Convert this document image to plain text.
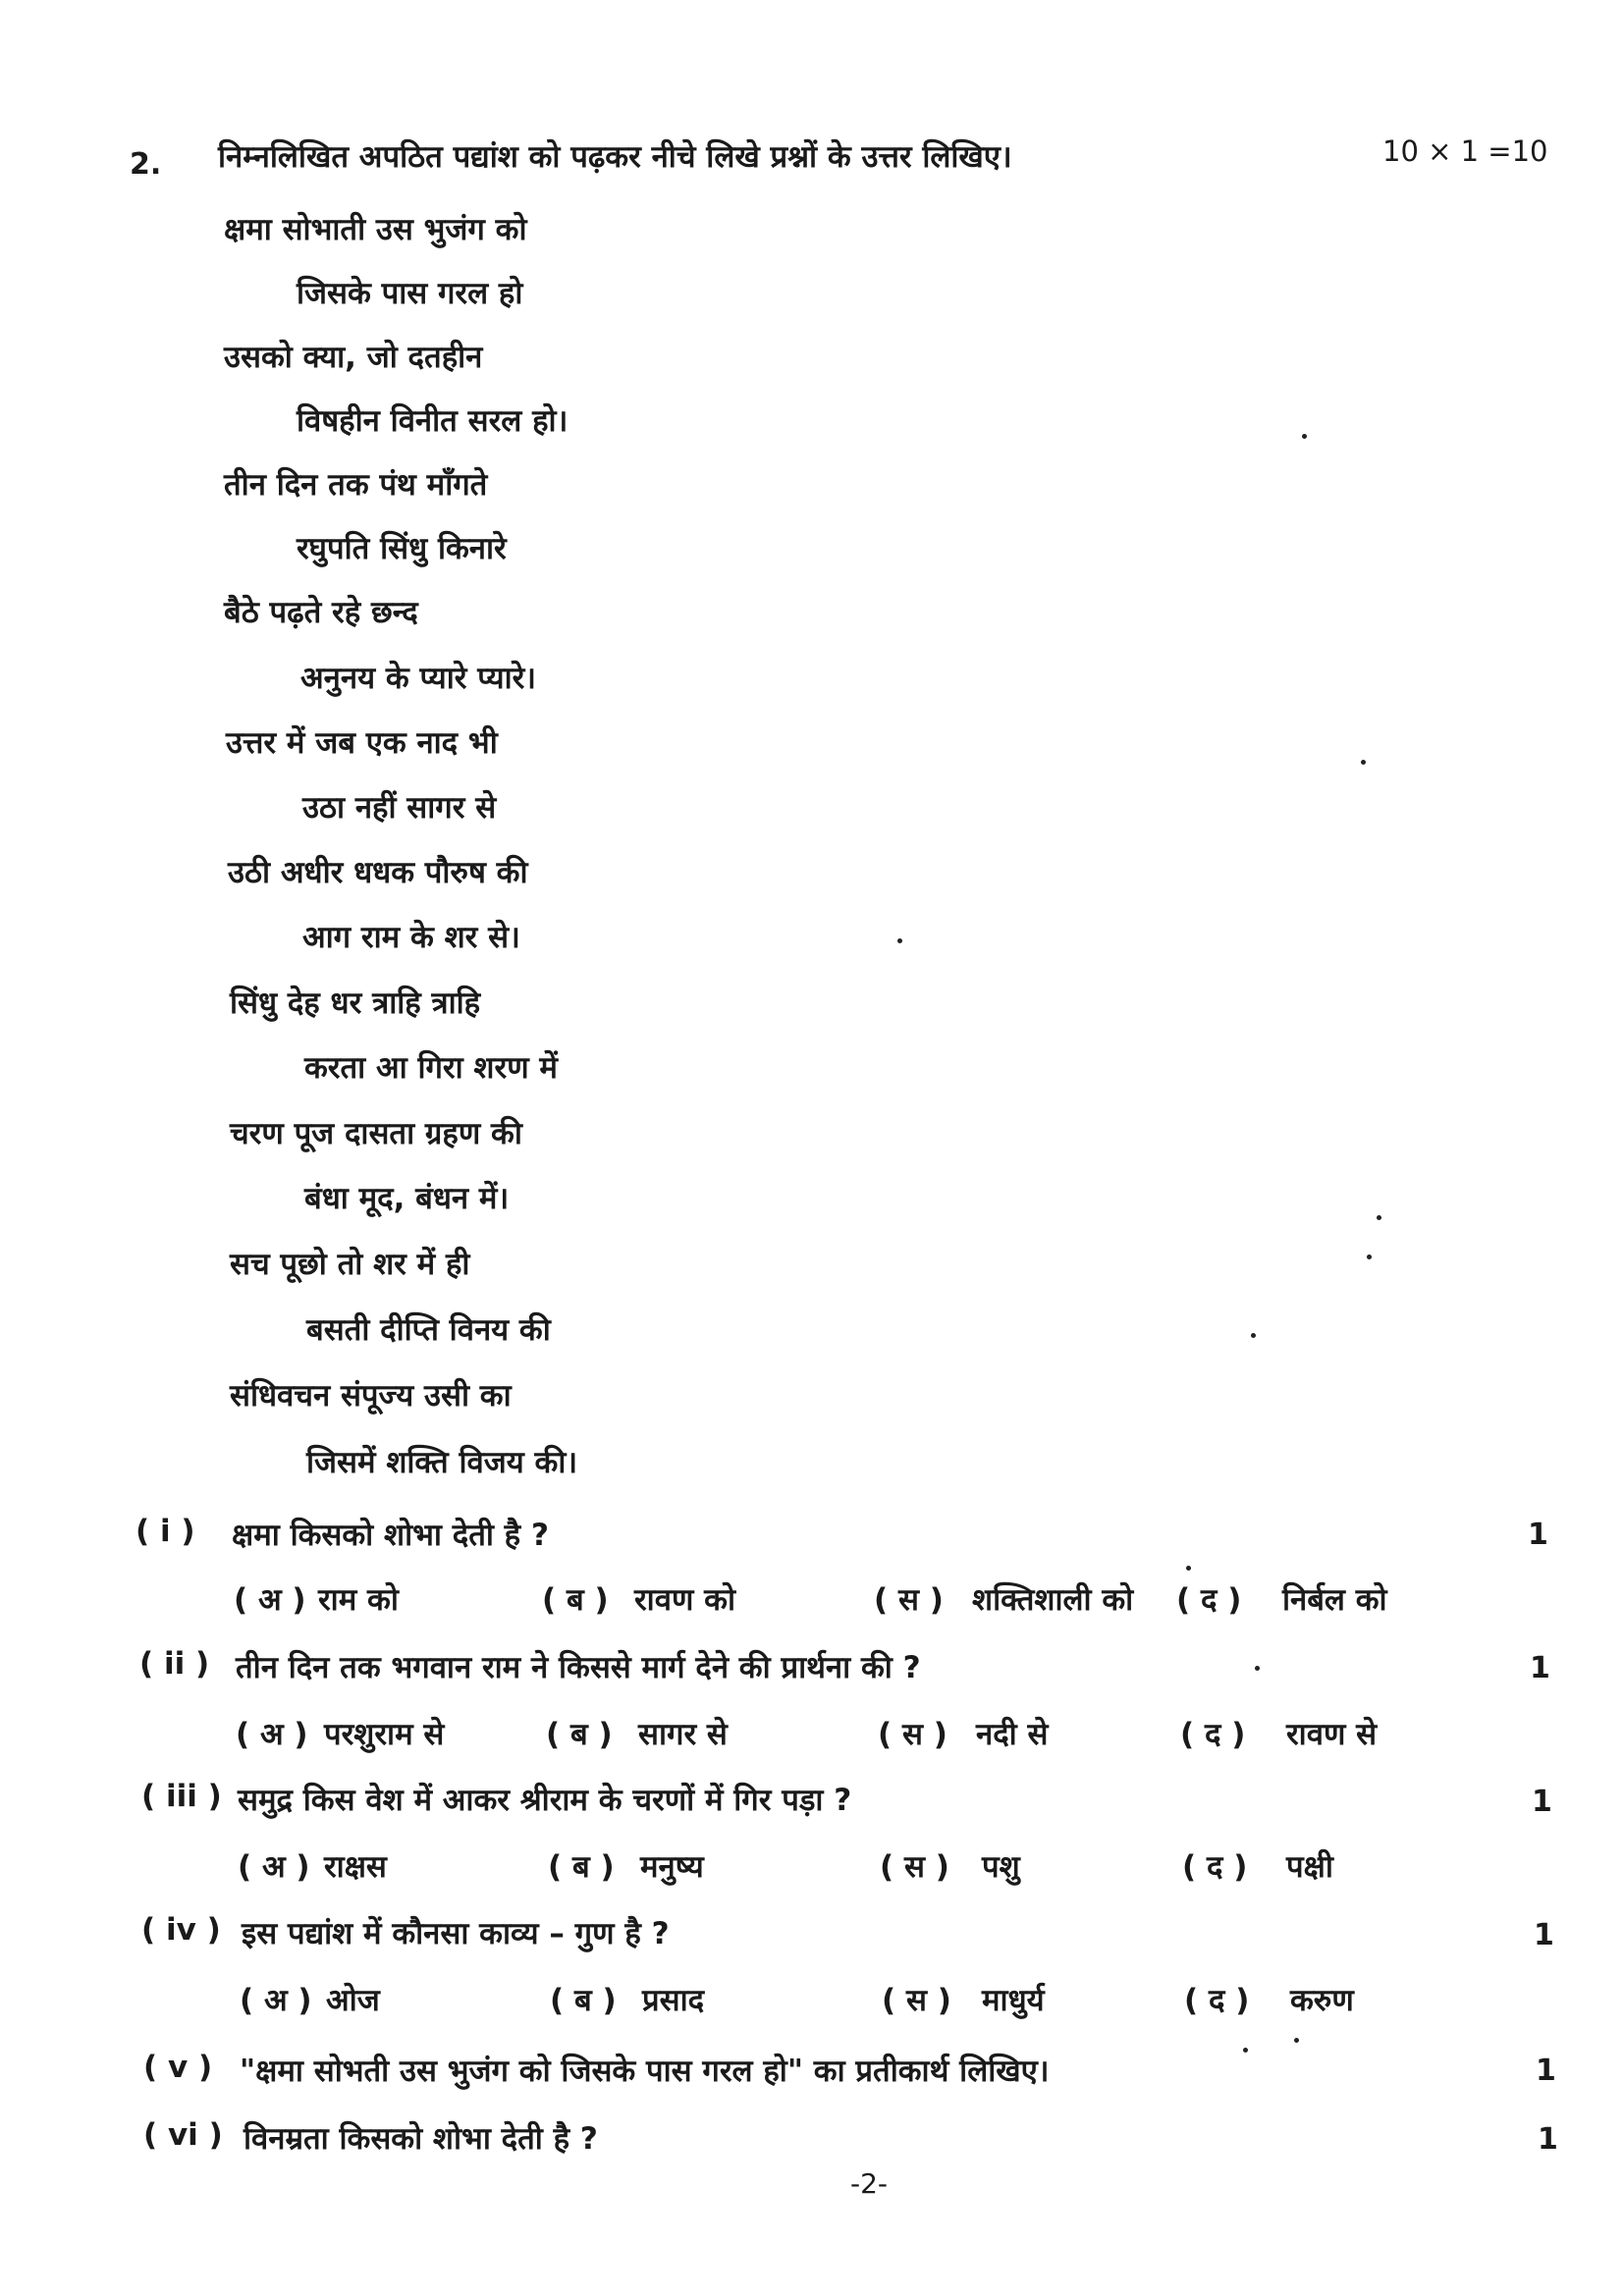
2. निम्नलिखित अपठित पद्यांश को पढ़कर नीचे लिखे प्रश्नों के उत्तर लिखिए।	10 × 1 =10
क्षमा सोभाती उस भुजंग को
जिसके पास गरल हो
उसको क्या, जो दतहीन
विषहीन विनीत सरल हो।
तीन दिन तक पंथ माँगते
रघुपति सिंधु किनारे
बैठे पढ़ते रहे छन्द
अनुनय के प्यारे प्यारे।
उत्तर में जब एक नाद भी
उठा नहीं सागर से
उठी अधीर धधक पौरुष की
आग राम के शर से।
सिंधु देह धर त्राहि त्राहि
करता आ गिरा शरण में
चरण पूज दासता ग्रहण की
बंधा मूद, बंधन में।
सच पूछो तो शर में ही
बसती दीप्ति विनय की
संधिवचन संपूज्य उसी का
जिसमें शक्ति विजय की।
( i ) क्षमा किसको शोभा देती है ?	1
( अ ) राम को	( ब ) रावण को	( स ) शक्तिशाली को ( द ) निर्बल को
( ii ) तीन दिन तक भगवान राम ने किससे मार्ग देने की प्रार्थना की ?	1
( अ ) परशुराम से	( ब ) सागर से	( स ) नदी से	( द ) रावण से
( iii ) समुद्र किस वेश में आकर श्रीराम के चरणों में गिर पड़ा ?	1
( अ ) राक्षस	( ब ) मनुष्य	( स ) पशु	( द ) पक्षी
( iv ) इस पद्यांश में कौनसा काव्य – गुण है ?	1
( अ ) ओज	( ब ) प्रसाद	( स ) माधुर्य	( द ) करुण
( v ) "क्षमा सोभती उस भुजंग को जिसके पास गरल हो" का प्रतीकार्थ लिखिए।	1
( vi ) विनम्रता किसको शोभा देती है ?	1
-2-
